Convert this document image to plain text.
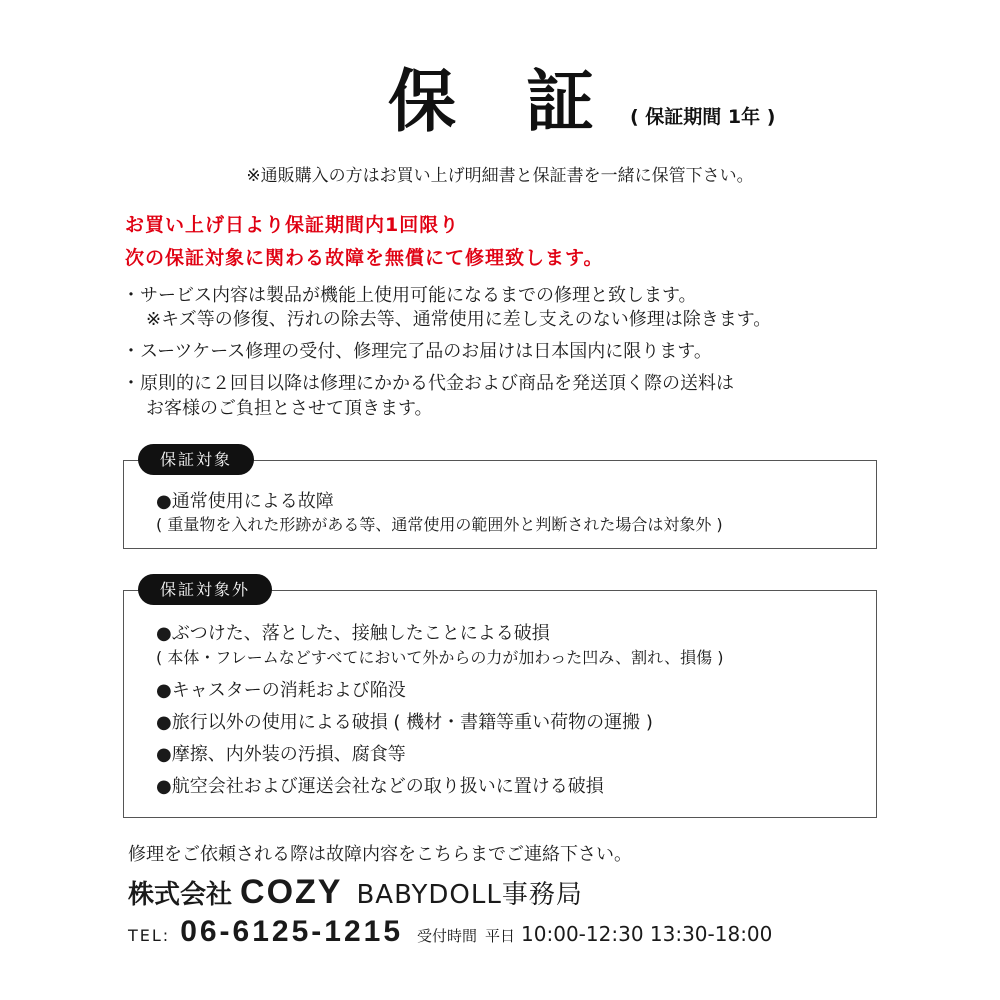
保証
( 保証期間 1年 )
※通販購入の方はお買い上げ明細書と保証書を一緒に保管下さい。
お買い上げ日より保証期間内1回限り
次の保証対象に関わる故障を無償にて修理致します。
・サービス内容は製品が機能上使用可能になるまでの修理と致します。
※キズ等の修復、汚れの除去等、通常使用に差し支えのない修理は除きます。
・スーツケース修理の受付、修理完了品のお届けは日本国内に限ります。
・原則的に２回目以降は修理にかかる代金および商品を発送頂く際の送料は
お客様のご負担とさせて頂きます。
保証対象
●通常使用による故障
( 重量物を入れた形跡がある等、通常使用の範囲外と判断された場合は対象外 )
保証対象外
●ぶつけた、落とした、接触したことによる破損
( 本体・フレームなどすべてにおいて外からの力が加わった凹み、割れ、損傷 )
●キャスターの消耗および陥没
●旅行以外の使用による破損 ( 機材・書籍等重い荷物の運搬 )
●摩擦、内外装の汚損、腐食等
●航空会社および運送会社などの取り扱いに置ける破損
修理をご依頼される際は故障内容をこちらまでご連絡下さい。
株式会社 COZY BABYDOLL事務局
TEL: 06-6125-1215 受付時間 平日 10:00-12:30 13:30-18:00
